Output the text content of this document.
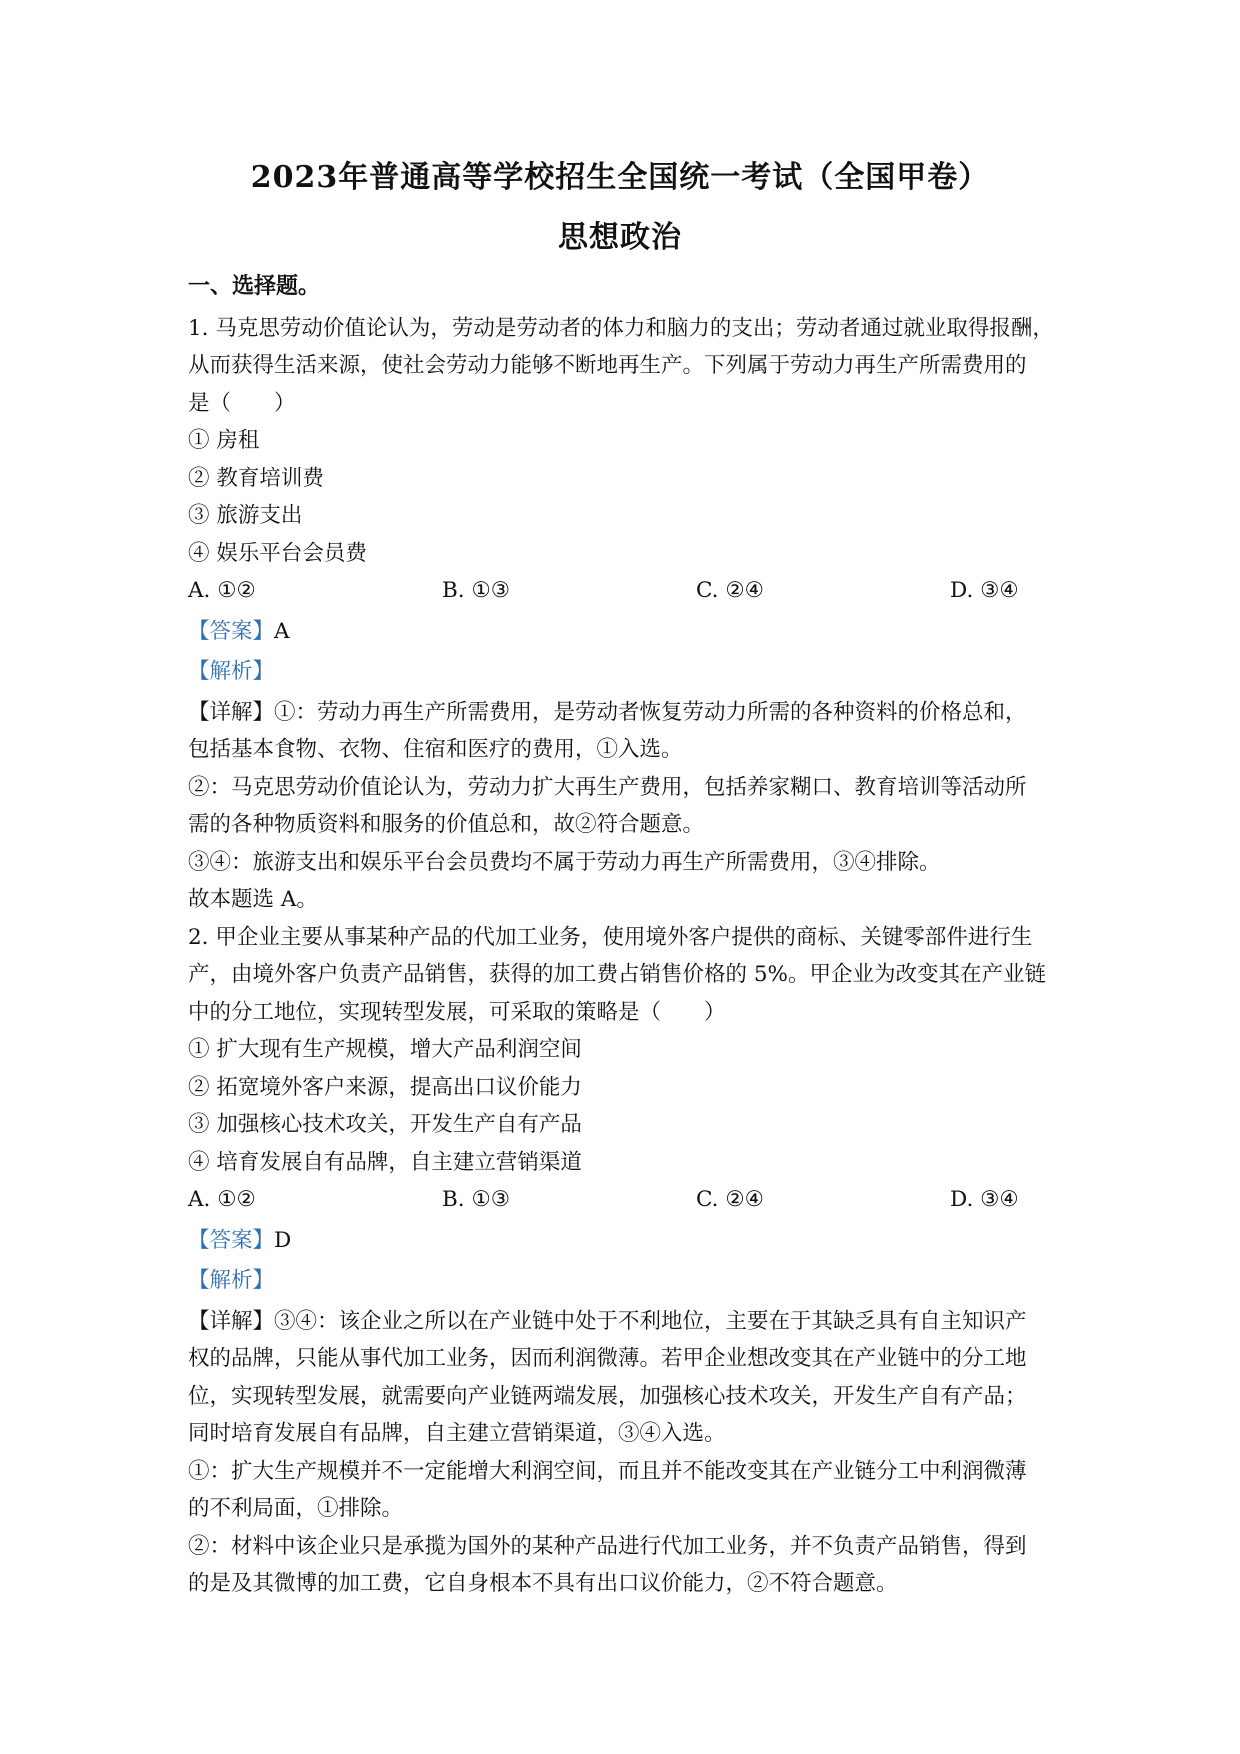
2023年普通高等学校招生全国统一考试（全国甲卷）
思想政治
一、选择题。
1. 马克思劳动价值论认为，劳动是劳动者的体力和脑力的支出；劳动者通过就业取得报酬，
从而获得生活来源，使社会劳动力能够不断地再生产。下列属于劳动力再生产所需费用的
是（　　）
① 房租
② 教育培训费
③ 旅游支出
④ 娱乐平台会员费
A. ①②	B. ①③	C. ②④	D. ③④
【答案】A
【解析】
【详解】①：劳动力再生产所需费用，是劳动者恢复劳动力所需的各种资料的价格总和，
包括基本食物、衣物、住宿和医疗的费用，①入选。
②：马克思劳动价值论认为，劳动力扩大再生产费用，包括养家糊口、教育培训等活动所
需的各种物质资料和服务的价值总和，故②符合题意。
③④：旅游支出和娱乐平台会员费均不属于劳动力再生产所需费用，③④排除。
故本题选 A。
2. 甲企业主要从事某种产品的代加工业务，使用境外客户提供的商标、关键零部件进行生
产，由境外客户负责产品销售，获得的加工费占销售价格的 5%。甲企业为改变其在产业链
中的分工地位，实现转型发展，可采取的策略是（　　）
① 扩大现有生产规模，增大产品利润空间
② 拓宽境外客户来源，提高出口议价能力
③ 加强核心技术攻关，开发生产自有产品
④ 培育发展自有品牌，自主建立营销渠道
A. ①②	B. ①③	C. ②④	D. ③④
【答案】D
【解析】
【详解】③④：该企业之所以在产业链中处于不利地位，主要在于其缺乏具有自主知识产
权的品牌，只能从事代加工业务，因而利润微薄。若甲企业想改变其在产业链中的分工地
位，实现转型发展，就需要向产业链两端发展，加强核心技术攻关，开发生产自有产品；
同时培育发展自有品牌，自主建立营销渠道，③④入选。
①：扩大生产规模并不一定能增大利润空间，而且并不能改变其在产业链分工中利润微薄
的不利局面，①排除。
②：材料中该企业只是承揽为国外的某种产品进行代加工业务，并不负责产品销售，得到
的是及其微博的加工费，它自身根本不具有出口议价能力，②不符合题意。
